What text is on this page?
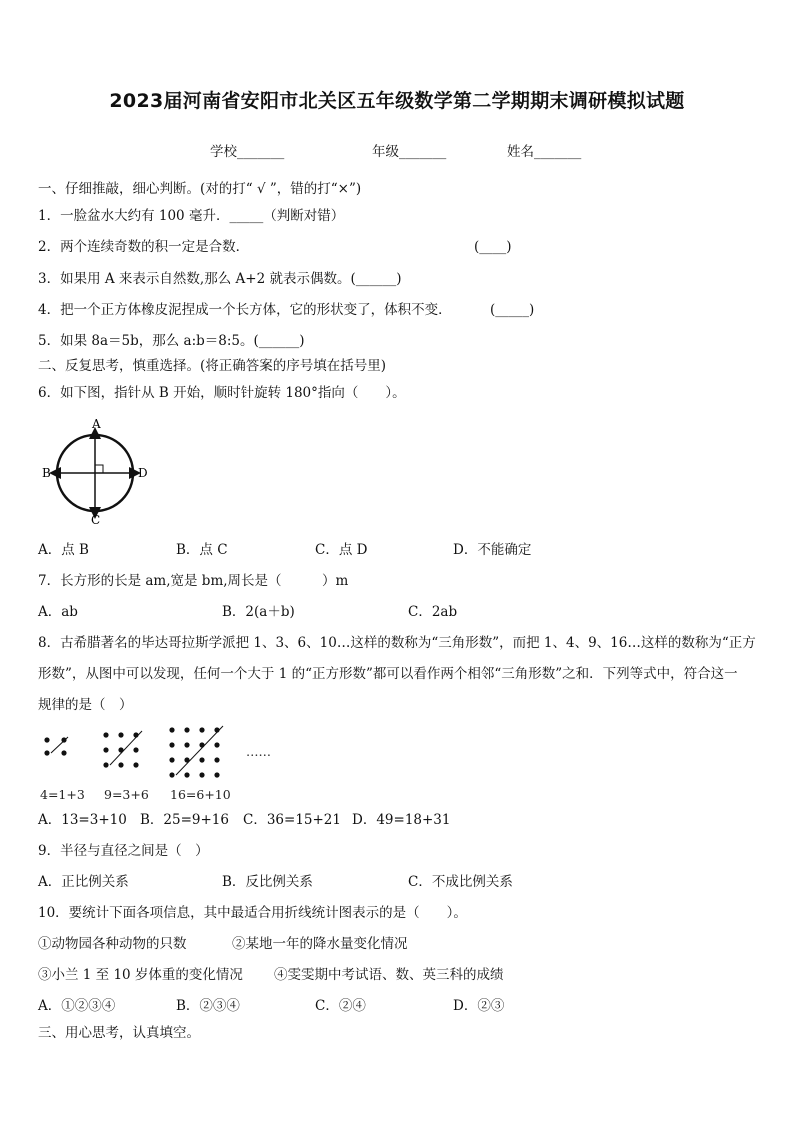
2023届河南省安阳市北关区五年级数学第二学期期末调研模拟试题
学校_______	年级_______	姓名_______
一、仔细推敲，细心判断。(对的打“ √ ”，错的打“×”)
1．一脸盆水大约有 100 毫升．_____（判断对错）
2．两个连续奇数的积一定是合数．	(____)
3．如果用 A 来表示自然数,那么 A+2 就表示偶数。(______)
4．把一个正方体橡皮泥捏成一个长方体，它的形状变了，体积不变．	(_____)
5．如果 8a＝5b，那么 a:b＝8:5。(______)
二、反复思考，慎重选择。(将正确答案的序号填在括号里)
6．如下图，指针从 B 开始，顺时针旋转 180°指向（　　）。
A
B
C
D
A．点 B	B．点 C	C．点 D	D．不能确定
7．长方形的长是 am,宽是 bm,周长是（　　　）m
A．ab	B．2(a＋b)	C．2ab
8．古希腊著名的毕达哥拉斯学派把 1、3、6、10…这样的数称为“三角形数”，而把 1、4、9、16…这样的数称为“正方
形数”，从图中可以发现，任何一个大于 1 的“正方形数”都可以看作两个相邻“三角形数”之和．下列等式中，符合这一
规律的是（　）
……
4=1+3 9=3+6 16=6+10
A．13=3+10 B．25=9+16 C．36=15+21 D．49=18+31
9．半径与直径之间是（　）
A．正比例关系	B．反比例关系	C．不成比例关系
10．要统计下面各项信息，其中最适合用折线统计图表示的是（　　）。
①动物园各种动物的只数	②某地一年的降水量变化情况
③小兰 1 至 10 岁体重的变化情况 ④雯雯期中考试语、数、英三科的成绩
A．①②③④	B．②③④	C．②④	D．②③
三、用心思考，认真填空。
